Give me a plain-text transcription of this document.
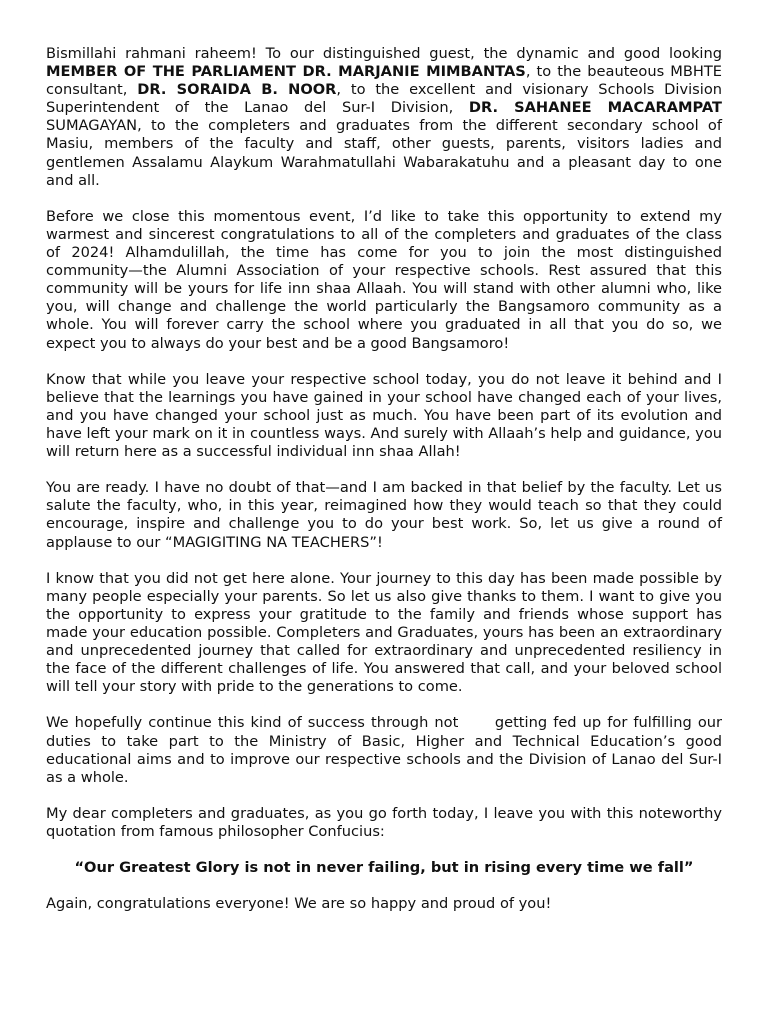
Bismillahi rahmani raheem! To our distinguished guest, the dynamic and good looking MEMBER OF THE PARLIAMENT DR. MARJANIE MIMBANTAS, to the beauteous MBHTE consultant, DR. SORAIDA B. NOOR, to the excellent and visionary Schools Division Superintendent of the Lanao del Sur-I Division, DR. SAHANEE MACARAMPAT SUMAGAYAN, to the completers and graduates from the different secondary school of Masiu, members of the faculty and staff, other guests, parents, visitors ladies and gentlemen Assalamu Alaykum Warahmatullahi Wabarakatuhu and a pleasant day to one and all.

Before we close this momentous event, I’d like to take this opportunity to extend my warmest and sincerest congratulations to all of the completers and graduates of the class of 2024! Alhamdulillah, the time has come for you to join the most distinguished community—the Alumni Association of your respective schools. Rest assured that this community will be yours for life inn shaa Allaah. You will stand with other alumni who, like you, will change and challenge the world particularly the Bangsamoro community as a whole. You will forever carry the school where you graduated in all that you do so, we expect you to always do your best and be a good Bangsamoro!

Know that while you leave your respective school today, you do not leave it behind and I believe that the learnings you have gained in your school have changed each of your lives, and you have changed your school just as much. You have been part of its evolution and have left your mark on it in countless ways. And surely with Allaah’s help and guidance, you will return here as a successful individual inn shaa Allah!

You are ready. I have no doubt of that—and I am backed in that belief by the faculty. Let us salute the faculty, who, in this year, reimagined how they would teach so that they could encourage, inspire and challenge you to do your best work. So, let us give a round of applause to our “MAGIGITING NA TEACHERS”!

I know that you did not get here alone. Your journey to this day has been made possible by many people especially your parents. So let us also give thanks to them. I want to give you the opportunity to express your gratitude to the family and friends whose support has made your education possible. Completers and Graduates, yours has been an extraordinary and unprecedented journey that called for extraordinary and unprecedented resiliency in the face of the different challenges of life. You answered that call, and your beloved school will tell your story with pride to the generations to come.

We hopefully continue this kind of success through not      getting fed up for fulfilling our duties to take part to the Ministry of Basic, Higher and Technical Education’s good educational aims and to improve our respective schools and the Division of Lanao del Sur-I as a whole.

My dear completers and graduates, as you go forth today, I leave you with this noteworthy quotation from famous philosopher Confucius:

“Our Greatest Glory is not in never failing, but in rising every time we fall”

Again, congratulations everyone! We are so happy and proud of you!
